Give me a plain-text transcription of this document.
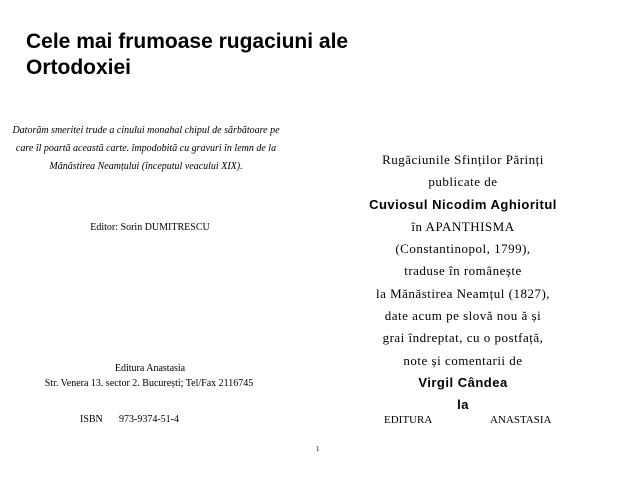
Cele mai frumoase rugaciuni ale Ortodoxiei
Datorăm smeritei trude a cinului monahal chipul de sărbătoare pe care îl poartă această carte. împodobită cu gravuri în lemn de la Mânăstirea Neamțului (începutul veacului XIX).
Editor: Sorin DUMITRESCU
Editura Anastasia
Str. Venera 13. sector 2. București; Tel/Fax 2116745
ISBN 973-9374-51-4
Rugăciunile Sfinților Părinți
publicate de
Cuviosul Nicodim Aghioritul
în APANTHISMA
(Constantinopol, 1799),
traduse în românește
la Mănăstirea Neamțul (1827),
date acum pe slovă nou ă și
grai îndreptat, cu o postfață,
note și comentarii de
Virgil Cândea
la
EDITURA	ANASTASIA
1
